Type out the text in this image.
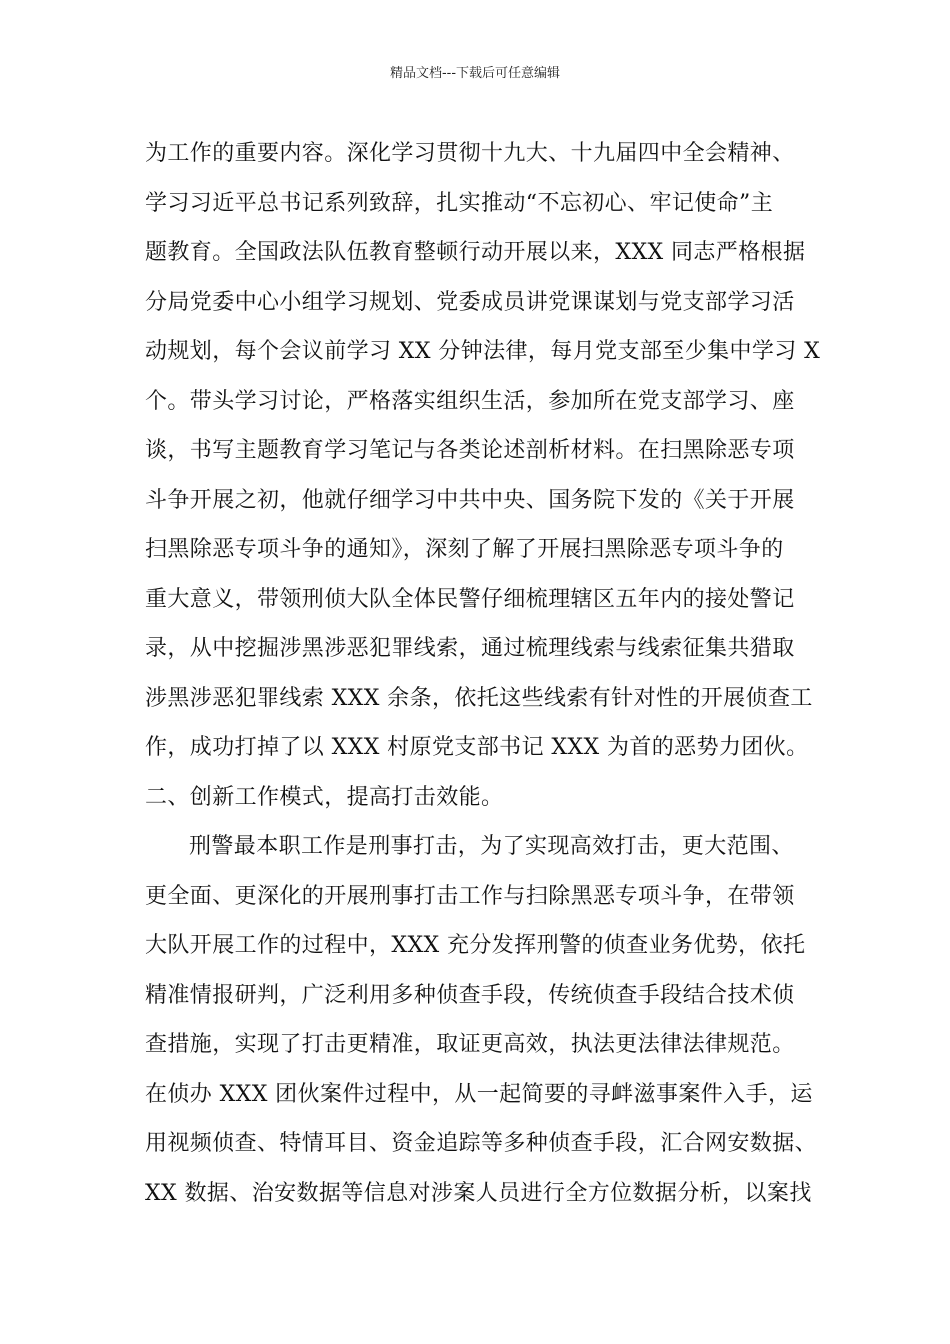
精品文档---下载后可任意编辑
为工作的重要内容。深化学习贯彻十九大、十九届四中全会精神、
学习习近平总书记系列致辞，扎实推动“不忘初心、牢记使命”主
题教育。全国政法队伍教育整顿行动开展以来，XXX 同志严格根据
分局党委中心小组学习规划、党委成员讲党课谋划与党支部学习活
动规划，每个会议前学习 XX 分钟法律，每月党支部至少集中学习 X
个。带头学习讨论，严格落实组织生活，参加所在党支部学习、座
谈，书写主题教育学习笔记与各类论述剖析材料。在扫黑除恶专项
斗争开展之初，他就仔细学习中共中央、国务院下发的《关于开展
扫黑除恶专项斗争的通知》，深刻了解了开展扫黑除恶专项斗争的
重大意义，带领刑侦大队全体民警仔细梳理辖区五年内的接处警记
录，从中挖掘涉黑涉恶犯罪线索，通过梳理线索与线索征集共猎取
涉黑涉恶犯罪线索 XXX 余条，依托这些线索有针对性的开展侦查工
作，成功打掉了以 XXX 村原党支部书记 XXX 为首的恶势力团伙。
二、创新工作模式，提高打击效能。
刑警最本职工作是刑事打击，为了实现高效打击，更大范围、
更全面、更深化的开展刑事打击工作与扫除黑恶专项斗争，在带领
大队开展工作的过程中，XXX 充分发挥刑警的侦查业务优势，依托
精准情报研判，广泛利用多种侦查手段，传统侦查手段结合技术侦
查措施，实现了打击更精准，取证更高效，执法更法律法律规范。
在侦办 XXX 团伙案件过程中，从一起简要的寻衅滋事案件入手，运
用视频侦查、特情耳目、资金追踪等多种侦查手段，汇合网安数据、
XX 数据、治安数据等信息对涉案人员进行全方位数据分析，以案找
